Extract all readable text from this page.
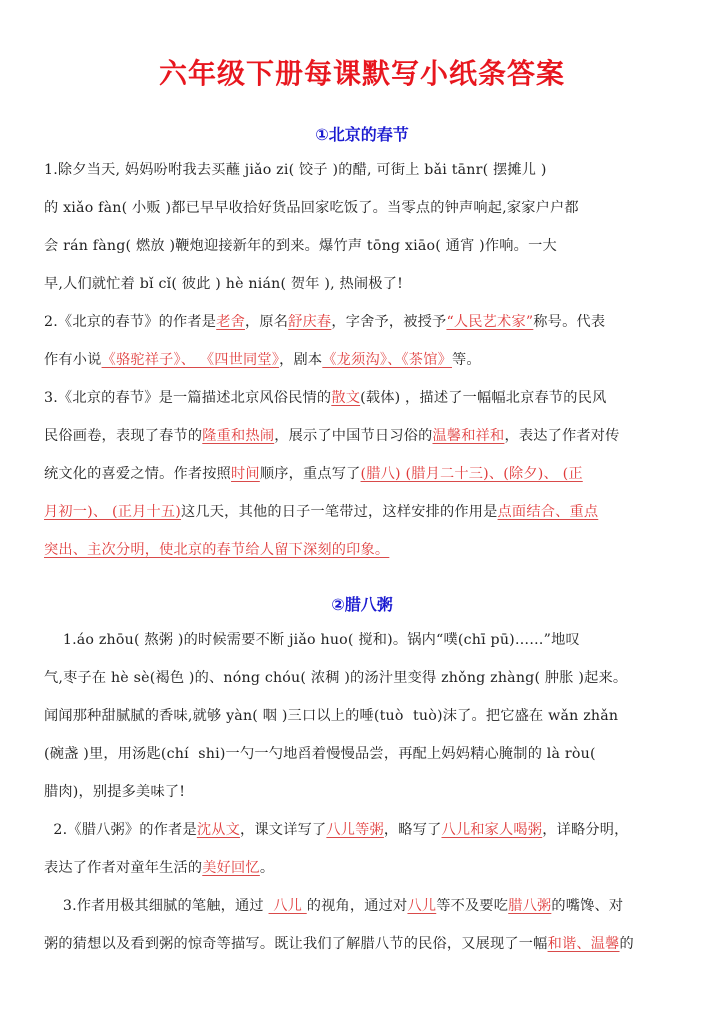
六年级下册每课默写小纸条答案
①北京的春节
1.除夕当天, 妈妈吩咐我去买蘸 jiǎo zi( 饺子 )的醋, 可街上 bǎi tānr( 摆摊儿 )
的 xiǎo fàn( 小贩 )都已早早收拾好货品回家吃饭了。当零点的钟声响起,家家户户都
会 rán fàng( 燃放 )鞭炮迎接新年的到来。爆竹声 tōng xiāo( 通宵 )作响。一大
早,人们就忙着 bǐ cǐ( 彼此 ) hè nián( 贺年 ), 热闹极了!
2.《北京的春节》的作者是老舍，原名舒庆春，字舍予，被授予“人民艺术家”称号。代表
作有小说《骆驼祥子》、 《四世同堂》，剧本《龙须沟》、《茶馆》等。
3.《北京的春节》是一篇描述北京风俗民情的散文(载体) ，描述了一幅幅北京春节的民风
民俗画卷，表现了春节的隆重和热闹，展示了中国节日习俗的温馨和祥和，表达了作者对传
统文化的喜爱之情。作者按照时间顺序，重点写了(腊八) (腊月二十三)、(除夕)、 (正
月初一)、 (正月十五)这几天，其他的日子一笔带过，这样安排的作用是点面结合、重点
突出、主次分明，使北京的春节给人留下深刻的印象。
②腊八粥
1.áo zhōu( 熬粥 )的时候需要不断 jiǎo huo( 搅和)。锅内“噗(chī pū)……”地叹
气,枣子在 hè sè(褐色 )的、nóng chóu( 浓稠 )的汤汁里变得 zhǒng zhàng( 肿胀 )起来。
闻闻那种甜腻腻的香味,就够 yàn( 咽 )三口以上的唾(tuò  tuò)沫了。把它盛在 wǎn zhǎn
(碗盏 )里，用汤匙(chí  shi)一勺一勺地舀着慢慢品尝，再配上妈妈精心腌制的 là ròu(
腊肉)，别提多美味了!
2.《腊八粥》的作者是沈从文，课文详写了八儿等粥，略写了八儿和家人喝粥，详略分明，
表达了作者对童年生活的美好回忆。
3.作者用极其细腻的笔触，通过  八儿 的视角，通过对八儿等不及要吃腊八粥的嘴馋、对
粥的猜想以及看到粥的惊奇等描写。既让我们了解腊八节的民俗，又展现了一幅和谐、温馨的
